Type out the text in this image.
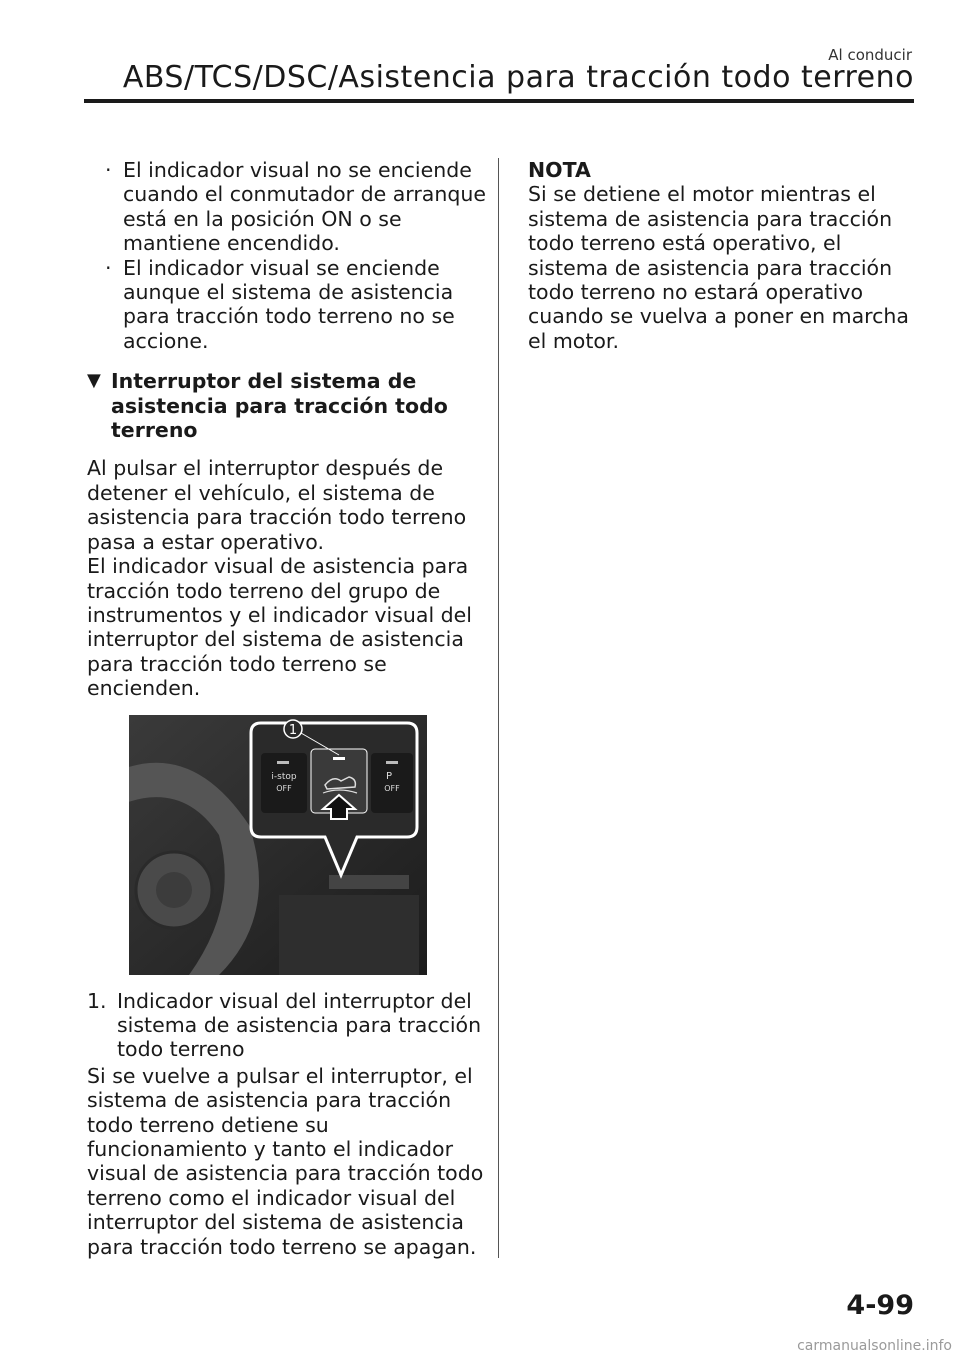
Al conducir
ABS/TCS/DSC/Asistencia para tracción todo terreno
· El indicador visual no se enciende cuando el conmutador de arranque está en la posición ON o se mantiene encendido.
· El indicador visual se enciende aunque el sistema de asistencia para tracción todo terreno no se accione.
▼ Interruptor del sistema de asistencia para tracción todo terreno

Al pulsar el interruptor después de detener el vehículo, el sistema de asistencia para tracción todo terreno pasa a estar operativo.

El indicador visual de asistencia para tracción todo terreno del grupo de instrumentos y el indicador visual del interruptor del sistema de asistencia para tracción todo terreno se encienden.

i-stop
OFF
P
OFF
1
1. Indicador visual del interruptor del sistema de asistencia para tracción todo terreno

Si se vuelve a pulsar el interruptor, el sistema de asistencia para tracción todo terreno detiene su funcionamiento y tanto el indicador visual de asistencia para tracción todo terreno como el indicador visual del interruptor del sistema de asistencia para tracción todo terreno se apagan.

NOTA

Si se detiene el motor mientras el sistema de asistencia para tracción todo terreno está operativo, el sistema de asistencia para tracción todo terreno no estará operativo cuando se vuelva a poner en marcha el motor.

4-99
carmanualsonline.info
